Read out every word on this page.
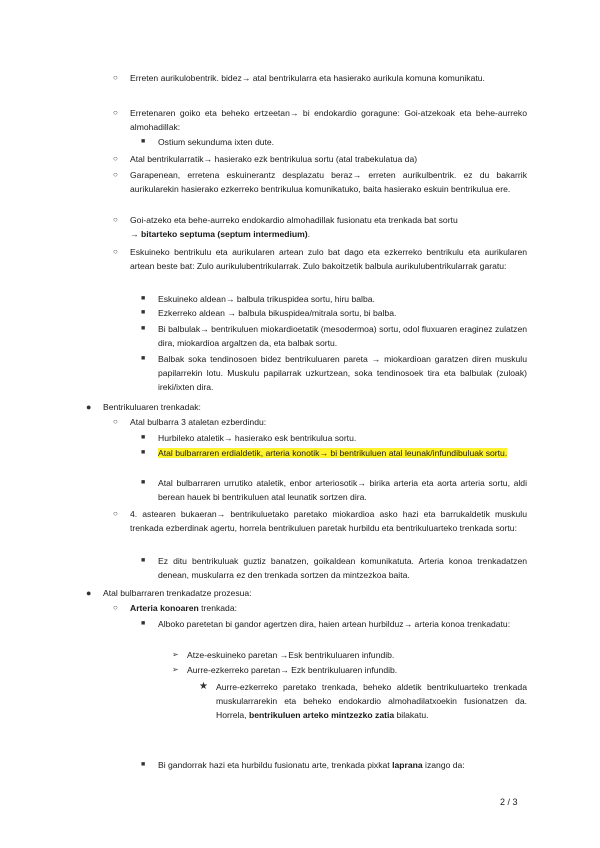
○ Erreten aurikulobentrik. bidez→ atal bentrikularra eta hasierako aurikula komuna komunikatu.
○ Erretenaren goiko eta beheko ertzeetan→ bi endokardio goragune: Goi-atzekoak eta behe-aurreko almohadillak:
■ Ostium sekunduma ixten dute.
○ Atal bentrikularratik→ hasierako ezk bentrikulua sortu (atal trabekulatua da)
○ Garapenean, erretena eskuinerantz desplazatu beraz→ erreten aurikulbentrik. ez du bakarrik aurikularekin hasierako ezkerreko bentrikulua komunikatuko, baita hasierako eskuin bentrikulua ere.
○ Goi-atzeko eta behe-aurreko endokardio almohadillak fusionatu eta trenkada bat sortu
→ bitarteko septuma (septum intermedium).
○ Eskuineko bentrikulu eta aurikularen artean zulo bat dago eta ezkerreko bentrikulu eta aurikularen artean beste bat: Zulo aurikulubentrikularrak. Zulo bakoitzetik balbula aurikulubentrikularrak garatu:
■ Eskuineko aldean→ balbula trikuspidea sortu, hiru balba.
■ Ezkerreko aldean → balbula bikuspidea/mitrala sortu, bi balba.
■ Bi balbulak→ bentrikuluen miokardioetatik (mesodermoa) sortu, odol fluxuaren eraginez zulatzen dira, miokardioa argaltzen da, eta balbak sortu.
■ Balbak soka tendinosoen bidez bentrikuluaren pareta → miokardioan garatzen diren muskulu papilarrekin lotu. Muskulu papilarrak uzkurtzean, soka tendinosoek tira eta balbulak (zuloak) ireki/ixten dira.
● Bentrikuluaren trenkadak:
○ Atal bulbarra 3 ataletan ezberdindu:
■ Hurbileko ataletik→ hasierako esk bentrikulua sortu.
■ Atal bulbarraren erdialdetik, arteria konotik→ bi bentrikuluen atal leunak/infundibuluak sortu.
■ Atal bulbarraren urrutiko ataletik, enbor arteriosotik→ birika arteria eta aorta arteria sortu, aldi berean hauek bi bentrikuluen atal leunatik sortzen dira.
○ 4. astearen bukaeran→ bentrikuluetako paretako miokardioa asko hazi eta barrukaldetik muskulu trenkada ezberdinak agertu, horrela bentrikuluen paretak hurbildu eta bentrikuluarteko trenkada sortu:
■ Ez ditu bentrikuluak guztiz banatzen, goikaldean komunikatuta. Arteria konoa trenkadatzen denean, muskularra ez den trenkada sortzen da mintzezkoa baita.
● Atal bulbarraren trenkadatze prozesua:
○ Arteria konoaren trenkada:
■ Alboko paretetan bi gandor agertzen dira, haien artean hurbilduz→ arteria konoa trenkadatu:
➢ Atze-eskuineko paretan →Esk bentrikuluaren infundib.
➢ Aurre-ezkerreko paretan→ Ezk bentrikuluaren infundib.
★ Aurre-ezkerreko paretako trenkada, beheko aldetik bentrikuluarteko trenkada muskularrarekin eta beheko endokardio almohadilatxoekin fusionatzen da. Horrela, bentrikuluen arteko mintzezko zatia bilakatu.
■ Bi gandorrak hazi eta hurbildu fusionatu arte, trenkada pixkat laprana izango da:
2 / 3
